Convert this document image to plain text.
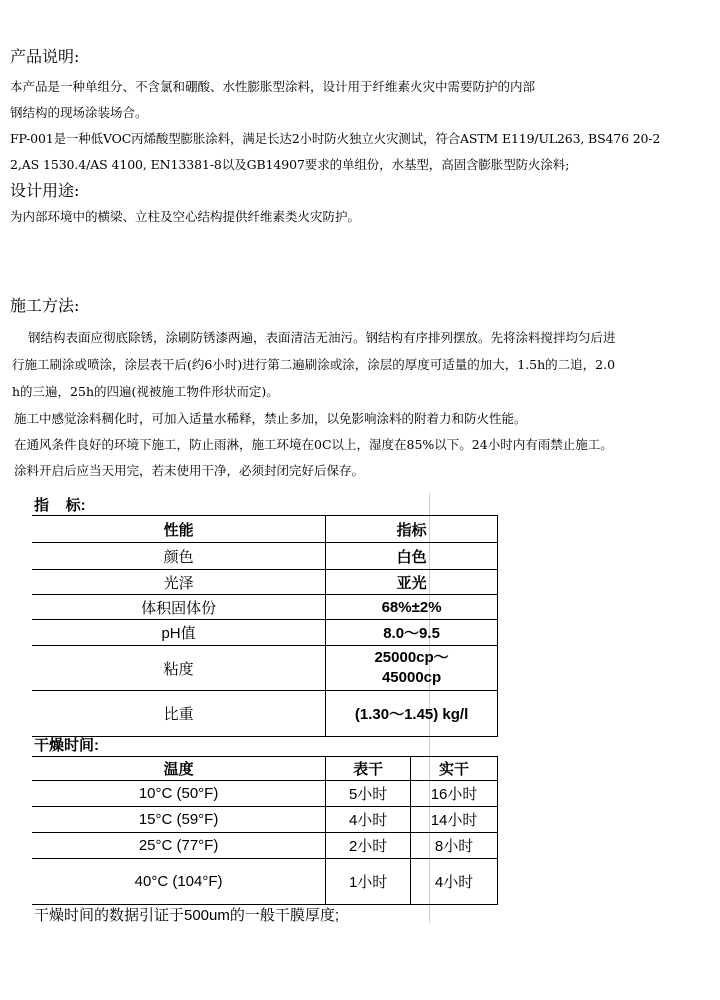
产品说明:
本产品是一种单组分、不含氯和硼酸、水性膨胀型涂料，设计用于纤维素火灾中需要防护的内部
钢结构的现场涂装场合。
FP-001是一种低VOC丙烯酸型膨胀涂料，满足长达2小时防火独立火灾测试，符合ASTM E119/UL263, BS476 20-2
2,AS 1530.4/AS 4100, EN13381-8以及GB14907要求的单组份，水基型，高固含膨胀型防火涂料;
设计用途:
为内部环境中的横梁、立柱及空心结构提供纤维素类火灾防护。
施工方法:
钢结构表面应彻底除锈，涂刷防锈漆两遍，表面清洁无油污。钢结构有序排列摆放。先将涂料搅拌均匀后进
行施工刷涂或喷涂，涂层表干后(约6小时)进行第二遍刷涂或涂，涂层的厚度可适量的加大，1.5h的二追，2.0
h的三遍，25h的四遍(视被施工物件形状而定)。
施工中感觉涂料稠化时，可加入适量水稀释，禁止多加，以免影响涂料的附着力和防火性能。
在通风条件良好的环境下施工，防止雨淋，施工环境在0C以上，湿度在85%以下。24小时内有雨禁止施工。
涂料开启后应当天用完，若末使用干净，必须封闭完好后保存。
指    标:
性能	指标
颜色	白色
光泽	亚光
体积固体份	68%±2%
pH值	8.0～9.5
粘度	25000cp～
45000cp

比重	(1.30～1.45) kg/l
干燥时间:
温度	表干	实干
10°C (50°F)	5小时	16小时
15°C (59°F)	4小时	14小时
25°C (77°F)	2小时	8小时
40°C (104°F)	1小时	4小时
干燥时间的数据引证于500um的一般干膜厚度;
